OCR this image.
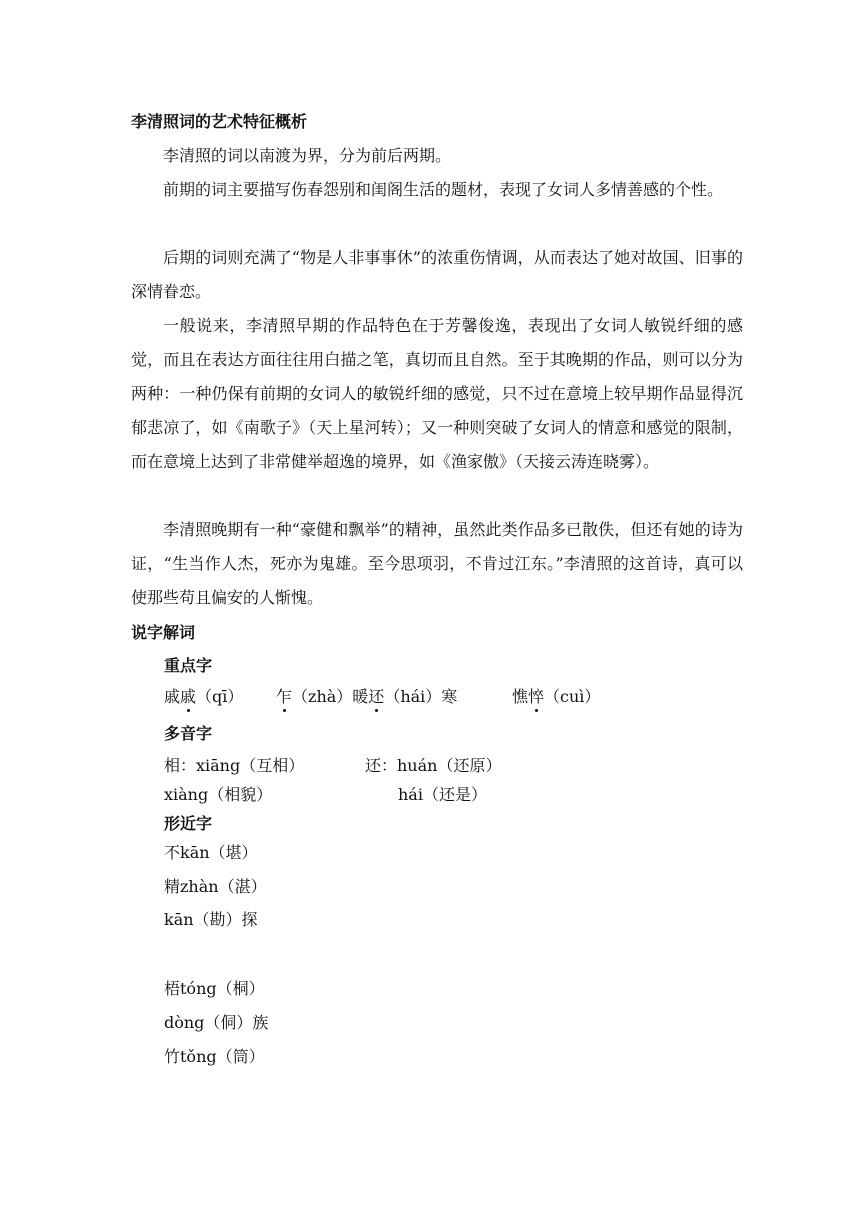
李清照词的艺术特征概析
李清照的词以南渡为界，分为前后两期。
前期的词主要描写伤春怨别和闺阁生活的题材，表现了女词人多情善感的个性。
后期的词则充满了“物是人非事事休”的浓重伤情调，从而表达了她对故国、旧事的深情眷恋。
一般说来，李清照早期的作品特色在于芳馨俊逸，表现出了女词人敏锐纤细的感觉，而且在表达方面往往用白描之笔，真切而且自然。至于其晚期的作品，则可以分为两种：一种仍保有前期的女词人的敏锐纤细的感觉，只不过在意境上较早期作品显得沉郁悲凉了，如《南歌子》（天上星河转）；又一种则突破了女词人的情意和感觉的限制，而在意境上达到了非常健举超逸的境界，如《渔家傲》（天接云涛连晓雾）。
李清照晚期有一种“豪健和飘举”的精神，虽然此类作品多已散佚，但还有她的诗为证，“生当作人杰，死亦为鬼雄。至今思项羽，不肯过江东。”李清照的这首诗，真可以使那些苟且偏安的人惭愧。
说字解词
重点字
戚戚（qī） 乍（zhà）暖还（hái）寒	憔悴（cuì）
多音字
相：xiāng（互相）	还：huán（还原）
xiàng（相貌）	hái（还是）
形近字
不kān（堪）
精zhàn（湛）
kān（勘）探
梧tóng（桐）
dòng（侗）族
竹tǒng（筒）
